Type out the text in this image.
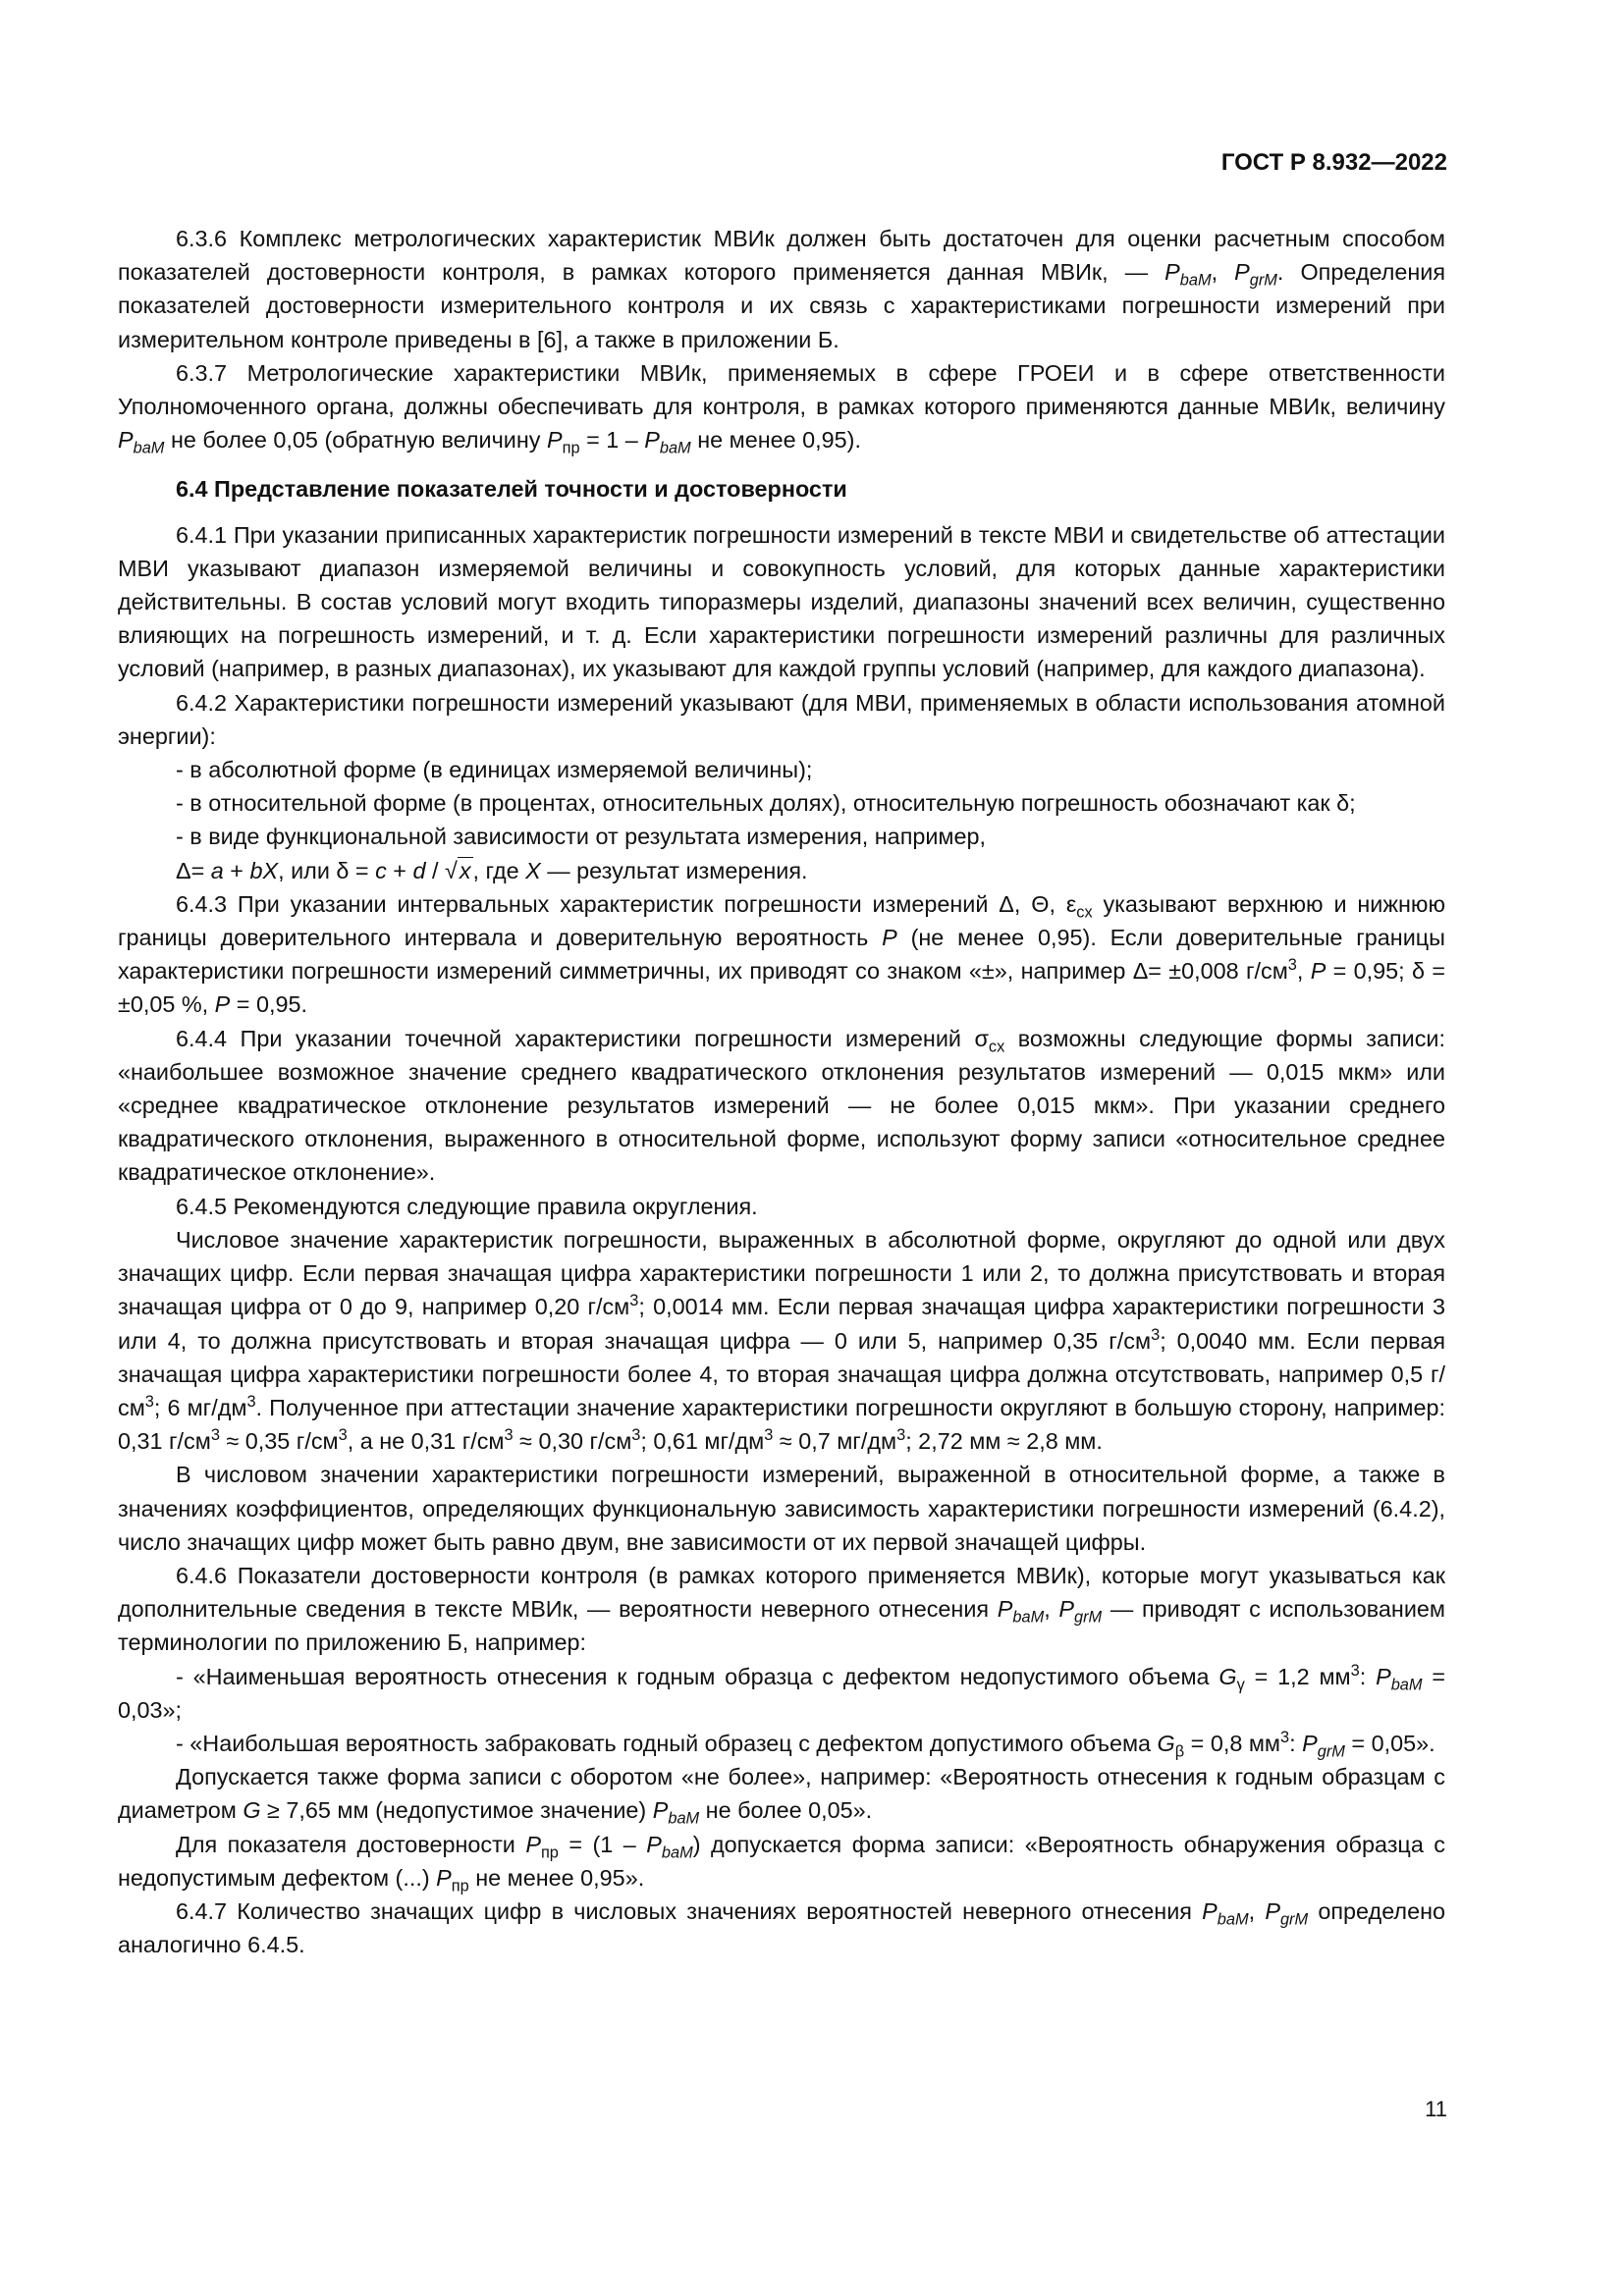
ГОСТ Р 8.932—2022

6.3.6 Комплекс метрологических характеристик МВИк должен быть достаточен для оценки расчетным способом показателей достоверности контроля, в рамках которого применяется данная МВИк, — $P_{baM}$, $P_{grM}$. Определения показателей достоверности измерительного контроля и их связь с характеристиками погрешности измерений при измерительном контроле приведены в [6], а также в приложении Б.

6.3.7 Метрологические характеристики МВИк, применяемых в сфере ГРОЕИ и в сфере ответственности Уполномоченного органа, должны обеспечивать для контроля, в рамках которого применяются данные МВИк, величину $P_{baM}$ не более 0,05 (обратную величину $P_{пр} = 1 - P_{baM}$ не менее 0,95).

6.4 Представление показателей точности и достоверности

6.4.1 При указании приписанных характеристик погрешности измерений в тексте МВИ и свидетельстве об аттестации МВИ указывают диапазон измеряемой величины и совокупность условий, для которых данные характеристики действительны. В состав условий могут входить типоразмеры изделий, диапазоны значений всех величин, существенно влияющих на погрешность измерений, и т. д. Если характеристики погрешности измерений различны для различных условий (например, в разных диапазонах), их указывают для каждой группы условий (например, для каждого диапазона).

6.4.2 Характеристики погрешности измерений указывают (для МВИ, применяемых в области использования атомной энергии):

- в абсолютной форме (в единицах измеряемой величины);

- в относительной форме (в процентах, относительных долях), относительную погрешность обозначают как δ;

- в виде функциональной зависимости от результата измерения, например,

Δ= a + bX, или δ = c + d / √x, где X — результат измерения.

6.4.3 При указании интервальных характеристик погрешности измерений Δ, Θ, $\varepsilon_{сх}$ указывают верхнюю и нижнюю границы доверительного интервала и доверительную вероятность P (не менее 0,95). Если доверительные границы характеристики погрешности измерений симметричны, их приводят со знаком «±», например Δ= ±0,008 $г/см^3$, P = 0,95; δ = ±0,05 %, P = 0,95.

6.4.4 При указании точечной характеристики погрешности измерений $\sigma_{сх}$ возможны следующие формы записи: «наибольшее возможное значение среднего квадратического отклонения результатов измерений — 0,015 мкм» или «среднее квадратическое отклонение результатов измерений — не более 0,015 мкм». При указании среднего квадратического отклонения, выраженного в относительной форме, используют форму записи «относительное среднее квадратическое отклонение».

6.4.5 Рекомендуются следующие правила округления.

Числовое значение характеристик погрешности, выраженных в абсолютной форме, округляют до одной или двух значащих цифр. Если первая значащая цифра характеристики погрешности 1 или 2, то должна присутствовать и вторая значащая цифра от 0 до 9, например 0,20 $г/см^3$; 0,0014 мм. Если первая значащая цифра характеристики погрешности 3 или 4, то должна присутствовать и вторая значащая цифра — 0 или 5, например 0,35 $г/см^3$; 0,0040 мм. Если первая значащая цифра характеристики погрешности более 4, то вторая значащая цифра должна отсутствовать, например 0,5 $г/см^3$; 6 $мг/дм^3$. Полученное при аттестации значение характеристики погрешности округляют в большую сторону, например: 0,31 $г/см^3 \approx 0,35$ $г/см^3$, а не 0,31 $г/см^3 \approx 0,30$ $г/см^3$; 0,61 $мг/дм^3 \approx 0,7$ $мг/дм^3$; 2,72 мм ≈ 2,8 мм.

В числовом значении характеристики погрешности измерений, выраженной в относительной форме, а также в значениях коэффициентов, определяющих функциональную зависимость характеристики погрешности измерений (6.4.2), число значащих цифр может быть равно двум, вне зависимости от их первой значащей цифры.

6.4.6 Показатели достоверности контроля (в рамках которого применяется МВИк), которые могут указываться как дополнительные сведения в тексте МВИк, — вероятности неверного отнесения $P_{baM}$, $P_{grM}$ — приводят с использованием терминологии по приложению Б, например:

- «Наименьшая вероятность отнесения к годным образца с дефектом недопустимого объема $G_\gamma = 1,2$ $мм^3$: $P_{baM} = 0,03$»;

- «Наибольшая вероятность забраковать годный образец с дефектом допустимого объема $G_\beta = 0,8$ $мм^3$: $P_{grM} = 0,05$».

Допускается также форма записи с оборотом «не более», например: «Вероятность отнесения к годным образцам с диаметром G ≥ 7,65 мм (недопустимое значение) $P_{baM}$ не более 0,05».

Для показателя достоверности $P_{пр} = (1 - P_{baM})$ допускается форма записи: «Вероятность обнаружения образца с недопустимым дефектом (...) $P_{пр}$ не менее 0,95».

6.4.7 Количество значащих цифр в числовых значениях вероятностей неверного отнесения $P_{baM}$, $P_{grM}$ определено аналогично 6.4.5.

11
